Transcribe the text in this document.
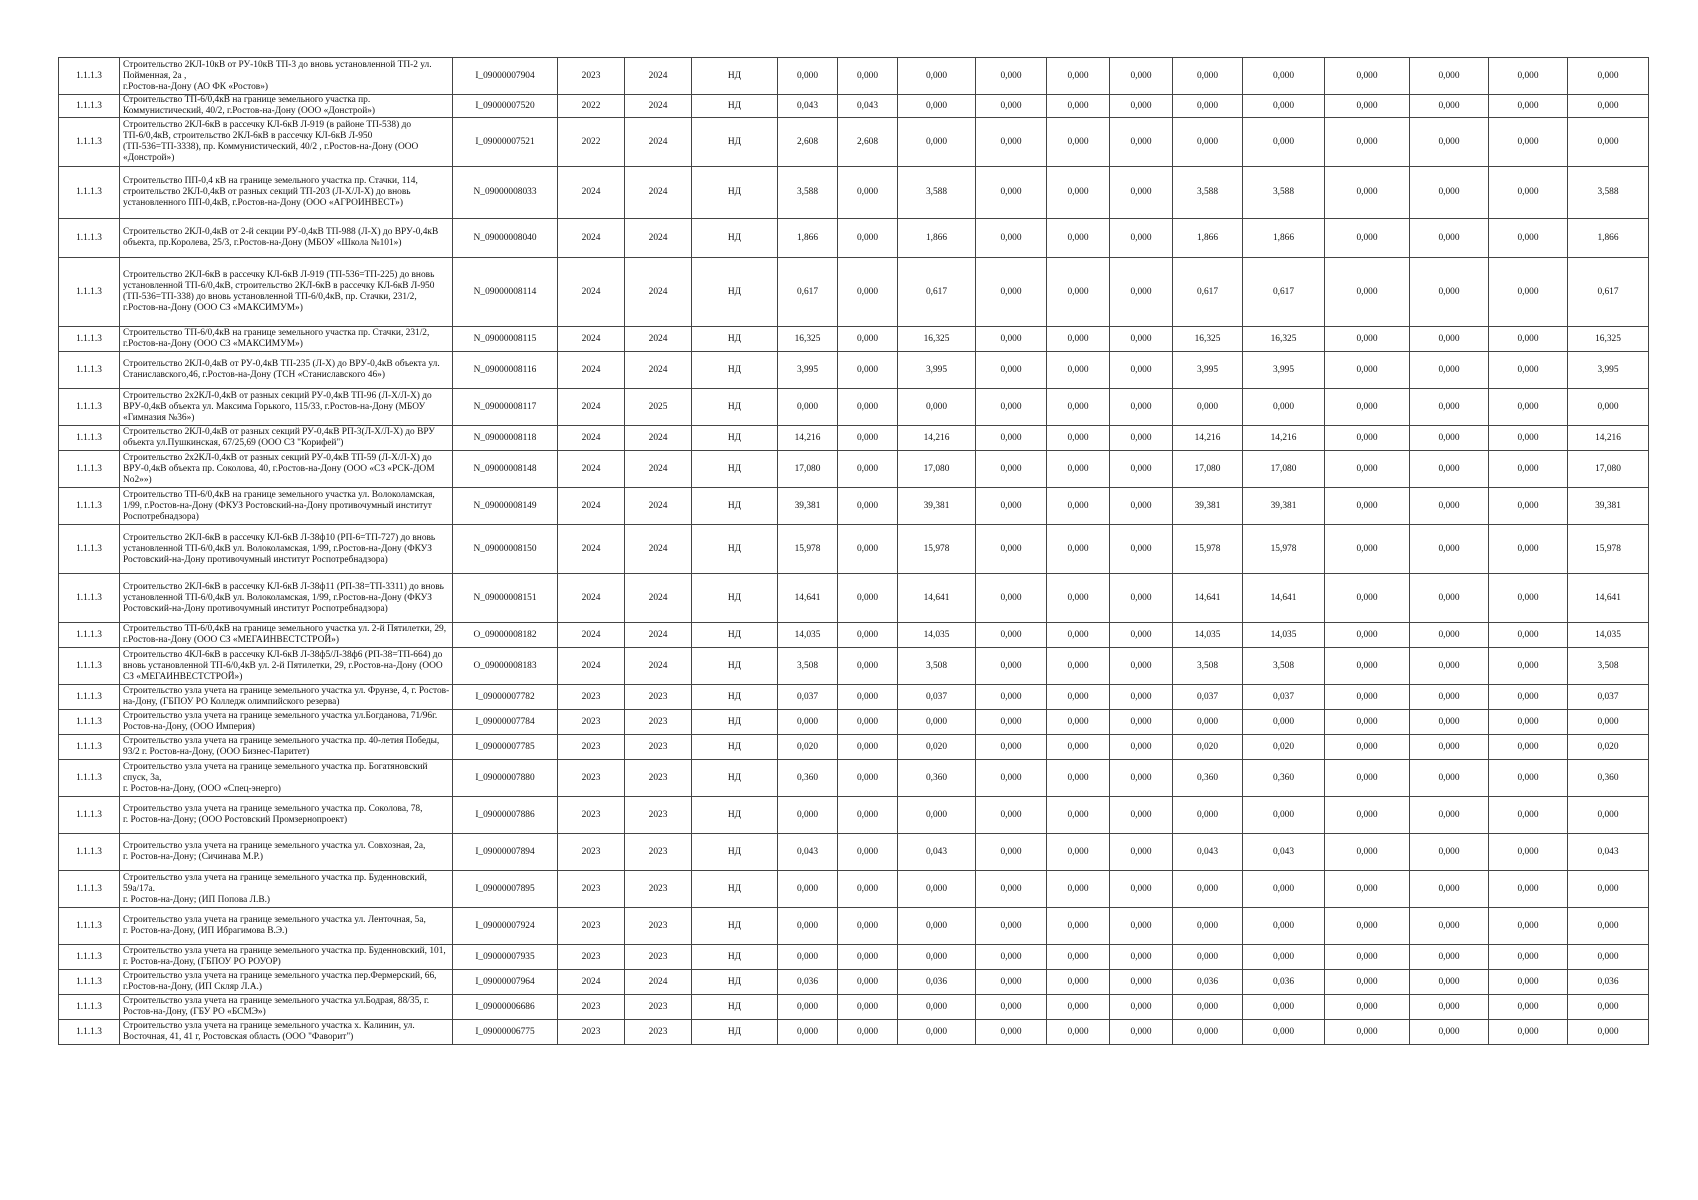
1.1.1.3	Строительство 2КЛ-10кВ от РУ-10кВ ТП-3 до вновь установленной ТП-2 ул. Пойменная, 2а ,
г.Ростов-на-Дону (АО ФК «Ростов»)	I_09000007904	2023	2024	НД	0,000	0,000	0,000	0,000	0,000	0,000	0,000	0,000	0,000	0,000	0,000	0,000
1.1.1.3	Строительство ТП-6/0,4кВ на границе земельного участка пр. Коммунистический, 40/2, г.Ростов-на-Дону (ООО «Донстрой»)	I_09000007520	2022	2024	НД	0,043	0,043	0,000	0,000	0,000	0,000	0,000	0,000	0,000	0,000	0,000	0,000
1.1.1.3	Строительство 2КЛ-6кВ в рассечку КЛ-6кВ Л-919 (в районе ТП-538) до ТП-6/0,4кВ, строительство 2КЛ-6кВ в рассечку КЛ-6кВ Л-950 (ТП-536=ТП-3338), пр. Коммунистический, 40/2 , г.Ростов-на-Дону (ООО «Донстрой»)	I_09000007521	2022	2024	НД	2,608	2,608	0,000	0,000	0,000	0,000	0,000	0,000	0,000	0,000	0,000	0,000
1.1.1.3	Строительство ПП-0,4 кВ на границе земельного участка пр. Стачки, 114, строительство 2КЛ-0,4кВ от разных секций ТП-203 (Л-Х/Л-Х) до вновь установленного ПП-0,4кВ, г.Ростов-на-Дону (ООО «АГРОИНВЕСТ»)	N_09000008033	2024	2024	НД	3,588	0,000	3,588	0,000	0,000	0,000	3,588	3,588	0,000	0,000	0,000	3,588
1.1.1.3	Строительство 2КЛ-0,4кВ от 2-й секции РУ-0,4кВ ТП-988 (Л-Х) до ВРУ-0,4кВ объекта, пр.Королева, 25/3, г.Ростов-на-Дону (МБОУ «Школа №101»)	N_09000008040	2024	2024	НД	1,866	0,000	1,866	0,000	0,000	0,000	1,866	1,866	0,000	0,000	0,000	1,866
1.1.1.3	Строительство 2КЛ-6кВ в рассечку КЛ-6кВ Л-919 (ТП-536=ТП-225) до вновь установленной ТП-6/0,4кВ, строительство 2КЛ-6кВ в рассечку КЛ-6кВ Л-950 (ТП-536=ТП-338) до вновь установленной ТП-6/0,4кВ, пр. Стачки, 231/2, г.Ростов-на-Дону (ООО СЗ «МАКСИМУМ»)	N_09000008114	2024	2024	НД	0,617	0,000	0,617	0,000	0,000	0,000	0,617	0,617	0,000	0,000	0,000	0,617
1.1.1.3	Строительство ТП-6/0,4кВ на границе земельного участка пр. Стачки, 231/2, г.Ростов-на-Дону (ООО СЗ «МАКСИМУМ»)	N_09000008115	2024	2024	НД	16,325	0,000	16,325	0,000	0,000	0,000	16,325	16,325	0,000	0,000	0,000	16,325
1.1.1.3	Строительство 2КЛ-0,4кВ от РУ-0,4кВ ТП-235 (Л-Х) до ВРУ-0,4кВ объекта ул. Станиславского,46, г.Ростов-на-Дону (ТСН «Станиславского 46»)	N_09000008116	2024	2024	НД	3,995	0,000	3,995	0,000	0,000	0,000	3,995	3,995	0,000	0,000	0,000	3,995
1.1.1.3	Строительство 2х2КЛ-0,4кВ от разных секций РУ-0,4кВ ТП-96 (Л-Х/Л-Х) до ВРУ-0,4кВ объекта ул. Максима Горького, 115/33, г.Ростов-на-Дону (МБОУ «Гимназия №36»)	N_09000008117	2024	2025	НД	0,000	0,000	0,000	0,000	0,000	0,000	0,000	0,000	0,000	0,000	0,000	0,000
1.1.1.3	Строительство 2КЛ-0,4кВ от разных секций РУ-0,4кВ РП-3(Л-Х/Л-Х) до ВРУ объекта ул.Пушкинская, 67/25,69 (ООО СЗ "Корифей")	N_09000008118	2024	2024	НД	14,216	0,000	14,216	0,000	0,000	0,000	14,216	14,216	0,000	0,000	0,000	14,216
1.1.1.3	Строительство 2х2КЛ-0,4кВ от разных секций РУ-0,4кВ ТП-59 (Л-Х/Л-Х) до ВРУ-0,4кВ объекта пр. Соколова, 40, г.Ростов-на-Дону (ООО «СЗ «РСК-ДОМ No2»»)	N_09000008148	2024	2024	НД	17,080	0,000	17,080	0,000	0,000	0,000	17,080	17,080	0,000	0,000	0,000	17,080
1.1.1.3	Строительство ТП-6/0,4кВ на границе земельного участка ул. Волоколамская, 1/99, г.Ростов-на-Дону (ФКУЗ Ростовский-на-Дону противочумный институт Роспотребнадзора)	N_09000008149	2024	2024	НД	39,381	0,000	39,381	0,000	0,000	0,000	39,381	39,381	0,000	0,000	0,000	39,381
1.1.1.3	Строительство 2КЛ-6кВ в рассечку КЛ-6кВ Л-38ф10 (РП-6=ТП-727) до вновь установленной ТП-6/0,4кВ ул. Волоколамская, 1/99, г.Ростов-на-Дону (ФКУЗ Ростовский-на-Дону противочумный институт Роспотребнадзора)	N_09000008150	2024	2024	НД	15,978	0,000	15,978	0,000	0,000	0,000	15,978	15,978	0,000	0,000	0,000	15,978
1.1.1.3	Строительство 2КЛ-6кВ в рассечку КЛ-6кВ Л-38ф11 (РП-38=ТП-3311) до вновь установленной ТП-6/0,4кВ ул. Волоколамская, 1/99, г.Ростов-на-Дону (ФКУЗ Ростовский-на-Дону противочумный институт Роспотребнадзора)	N_09000008151	2024	2024	НД	14,641	0,000	14,641	0,000	0,000	0,000	14,641	14,641	0,000	0,000	0,000	14,641
1.1.1.3	Строительство ТП-6/0,4кВ на границе земельного участка ул. 2-й Пятилетки, 29, г.Ростов-на-Дону (ООО СЗ «МЕГАИНВЕСТСТРОЙ»)	O_09000008182	2024	2024	НД	14,035	0,000	14,035	0,000	0,000	0,000	14,035	14,035	0,000	0,000	0,000	14,035
1.1.1.3	Строительство 4КЛ-6кВ в рассечку КЛ-6кВ Л-38ф5/Л-38ф6 (РП-38=ТП-664) до вновь установленной ТП-6/0,4кВ ул. 2-й Пятилетки, 29, г.Ростов-на-Дону (ООО СЗ «МЕГАИНВЕСТСТРОЙ»)	O_09000008183	2024	2024	НД	3,508	0,000	3,508	0,000	0,000	0,000	3,508	3,508	0,000	0,000	0,000	3,508
1.1.1.3	Строительство узла учета на границе земельного участка ул. Фрунзе, 4, г. Ростов-на-Дону, (ГБПОУ РО Колледж олимпийского резерва)	I_09000007782	2023	2023	НД	0,037	0,000	0,037	0,000	0,000	0,000	0,037	0,037	0,000	0,000	0,000	0,037
1.1.1.3	Строительство узла учета на границе земельного участка ул.Богданова, 71/96г. Ростов-на-Дону, (ООО Империя)	I_09000007784	2023	2023	НД	0,000	0,000	0,000	0,000	0,000	0,000	0,000	0,000	0,000	0,000	0,000	0,000
1.1.1.3	Строительство узла учета на границе земельного участка пр. 40-летия Победы, 93/2 г. Ростов-на-Дону, (ООО Бизнес-Паритет)	I_09000007785	2023	2023	НД	0,020	0,000	0,020	0,000	0,000	0,000	0,020	0,020	0,000	0,000	0,000	0,020
1.1.1.3	Строительство узла учета на границе земельного участка пр. Богатяновский спуск, 3а,
г. Ростов-на-Дону, (ООО «Спец-энерго)	I_09000007880	2023	2023	НД	0,360	0,000	0,360	0,000	0,000	0,000	0,360	0,360	0,000	0,000	0,000	0,360
1.1.1.3	Строительство узла учета на границе земельного участка пр. Соколова, 78,
г. Ростов-на-Дону; (ООО Ростовский Промзернопроект)	I_09000007886	2023	2023	НД	0,000	0,000	0,000	0,000	0,000	0,000	0,000	0,000	0,000	0,000	0,000	0,000
1.1.1.3	Строительство узла учета на границе земельного участка ул. Совхозная, 2а,
г. Ростов-на-Дону; (Сичинава М.Р.)	I_09000007894	2023	2023	НД	0,043	0,000	0,043	0,000	0,000	0,000	0,043	0,043	0,000	0,000	0,000	0,043
1.1.1.3	Строительство узла учета на границе земельного участка пр. Буденновский, 59а/17а.
г. Ростов-на-Дону; (ИП Попова Л.В.)	I_09000007895	2023	2023	НД	0,000	0,000	0,000	0,000	0,000	0,000	0,000	0,000	0,000	0,000	0,000	0,000
1.1.1.3	Строительство узла учета на границе земельного участка ул. Ленточная, 5а,
г. Ростов-на-Дону, (ИП Ибрагимова В.Э.)	I_09000007924	2023	2023	НД	0,000	0,000	0,000	0,000	0,000	0,000	0,000	0,000	0,000	0,000	0,000	0,000
1.1.1.3	Строительство узла учета на границе земельного участка пр. Буденновский, 101, г. Ростов-на-Дону, (ГБПОУ РО РОУОР)	I_09000007935	2023	2023	НД	0,000	0,000	0,000	0,000	0,000	0,000	0,000	0,000	0,000	0,000	0,000	0,000
1.1.1.3	Строительство узла учета на границе земельного участка пер.Фермерский, 66, г.Ростов-на-Дону, (ИП Скляр Л.А.)	I_09000007964	2024	2024	НД	0,036	0,000	0,036	0,000	0,000	0,000	0,036	0,036	0,000	0,000	0,000	0,036
1.1.1.3	Строительство узла учета на границе земельного участка ул.Бодрая, 88/35, г. Ростов-на-Дону, (ГБУ РО «БСМЭ»)	I_09000006686	2023	2023	НД	0,000	0,000	0,000	0,000	0,000	0,000	0,000	0,000	0,000	0,000	0,000	0,000
1.1.1.3	Строительство узла учета на границе земельного участка х. Калинин, ул. Восточная, 41, 41 г, Ростовская область (ООО "Фаворит")	I_09000006775	2023	2023	НД	0,000	0,000	0,000	0,000	0,000	0,000	0,000	0,000	0,000	0,000	0,000	0,000
